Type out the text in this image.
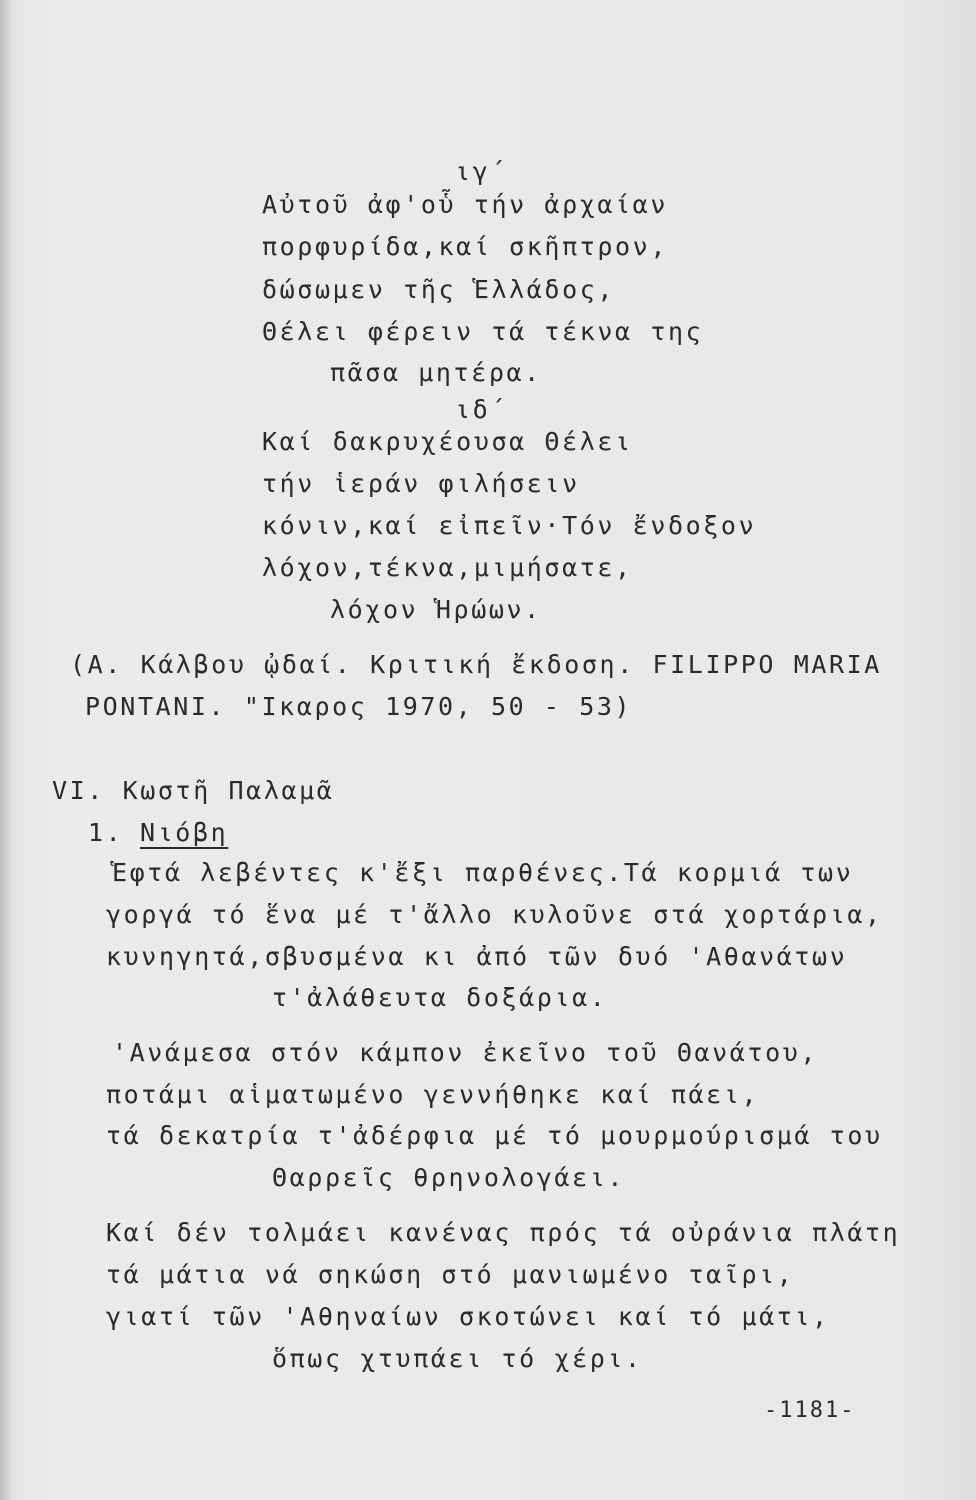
ιγ΄
Αὐτοῦ ἀφ'οὗ τήν ἀρχαίαν
πορφυρίδα,καί σκῆπτρον,
δώσωμεν τῆς Ἑλλάδος,
Θέλει φέρειν τά τέκνα της
πᾶσα μητέρα.
ιδ΄
Καί δακρυχέουσα Θέλει
τήν ἱεράν φιλήσειν
κόνιν,καί εἰπεῖν·Τόν ἔνδοξον
λόχον,τέκνα,μιμήσατε,
λόχον Ἡρώων.
(Α. Κάλβου ᾠδαί. Κριτική ἔκδοση. FILIPPO MARIA
PONTANI. "Ικαρος 1970, 50 - 53)
VI. Κωστῆ Παλαμᾶ
1. Νιόβη
Ἑφτά λεβέντες κ'ἔξι παρθένες.Τά κορμιά των
γοργά τό ἕνα μέ τ'ἄλλο κυλοῦνε στά χορτάρια,
κυνηγητά,σβυσμένα κι ἀπό τῶν δυό 'Αθανάτων
τ'ἀλάθευτα δοξάρια.
'Ανάμεσα στόν κάμπον ἐκεῖνο τοῦ Θανάτου,
ποτάμι αἱματωμένο γεννήθηκε καί πάει,
τά δεκατρία τ'ἀδέρφια μέ τό μουρμούρισμά του
Θαρρεῖς θρηνολογάει.
Καί δέν τολμάει κανένας πρός τά οὐράνια πλάτη
τά μάτια νά σηκώση στό μανιωμένο ταῖρι,
γιατί τῶν 'Αθηναίων σκοτώνει καί τό μάτι,
ὅπως χτυπάει τό χέρι.
-1181-
